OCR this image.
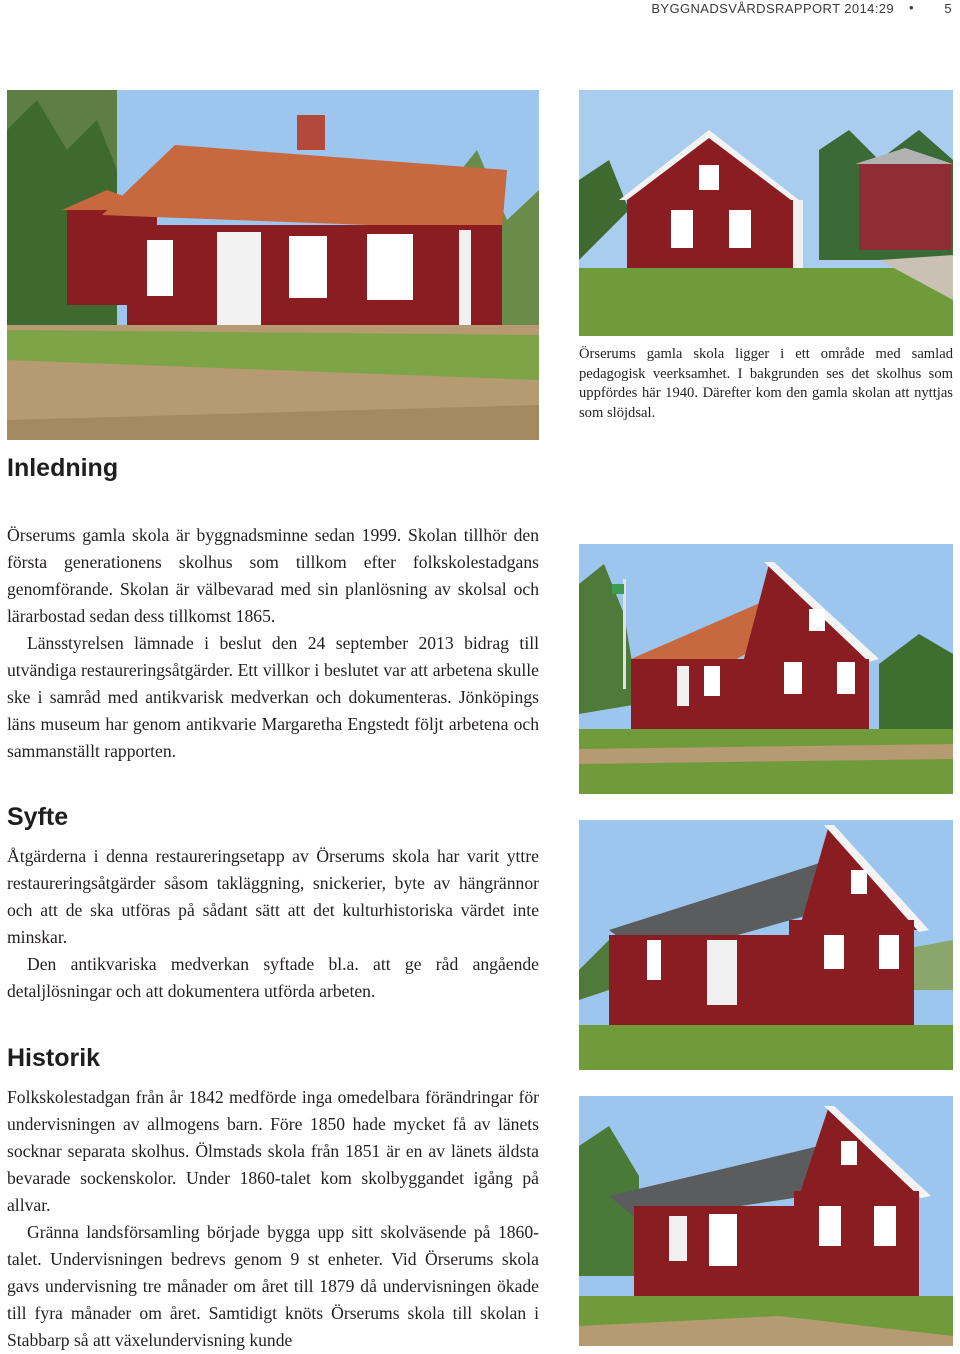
BYGGNADSVÅRDSRAPPORT 2014:29 • 5
Örserums gamla skola ligger i ett område med samlad pedagogisk veerksamhet. I bakgrunden ses det skolhus som uppfördes här 1940. Därefter kom den gamla skolan att nyttjas som slöjdsal.
Inledning

Örserums gamla skola är byggnadsminne sedan 1999. Skolan tillhör den första generationens skolhus som tillkom efter folkskolestadgans genomförande. Skolan är välbevarad med sin planlösning av skolsal och lärarbostad sedan dess tillkomst 1865.

Länsstyrelsen lämnade i beslut den 24 september 2013 bidrag till utvändiga restaureringsåtgärder. Ett villkor i beslutet var att arbetena skulle ske i samråd med antikvarisk medverkan och dokumenteras. Jönköpings läns museum har genom antikvarie Margaretha Engstedt följt arbetena och sammanställt rapporten.

Syfte

Åtgärderna i denna restaureringsetapp av Örserums skola har varit yttre restaureringsåtgärder såsom takläggning, snickerier, byte av hängrännor och att de ska utföras på sådant sätt att det kulturhistoriska värdet inte minskar.

Den antikvariska medverkan syftade bl.a. att ge råd angående detaljlösningar och att dokumentera utförda arbeten.

Historik

Folkskolestadgan från år 1842 medförde inga omedelbara förändringar för undervisningen av allmogens barn. Före 1850 hade mycket få av länets socknar separata skolhus. Ölmstads skola från 1851 är en av länets äldsta bevarade sockenskolor. Under 1860-talet kom skolbyggandet igång på allvar.

Gränna landsförsamling började bygga upp sitt skolväsende på 1860-talet. Undervisningen bedrevs genom 9 st enheter. Vid Örserums skola gavs undervisning tre månader om året till 1879 då undervisningen ökade till fyra månader om året. Samtidigt knöts Örserums skola till skolan i Stabbarp så att växelundervisning kunde
